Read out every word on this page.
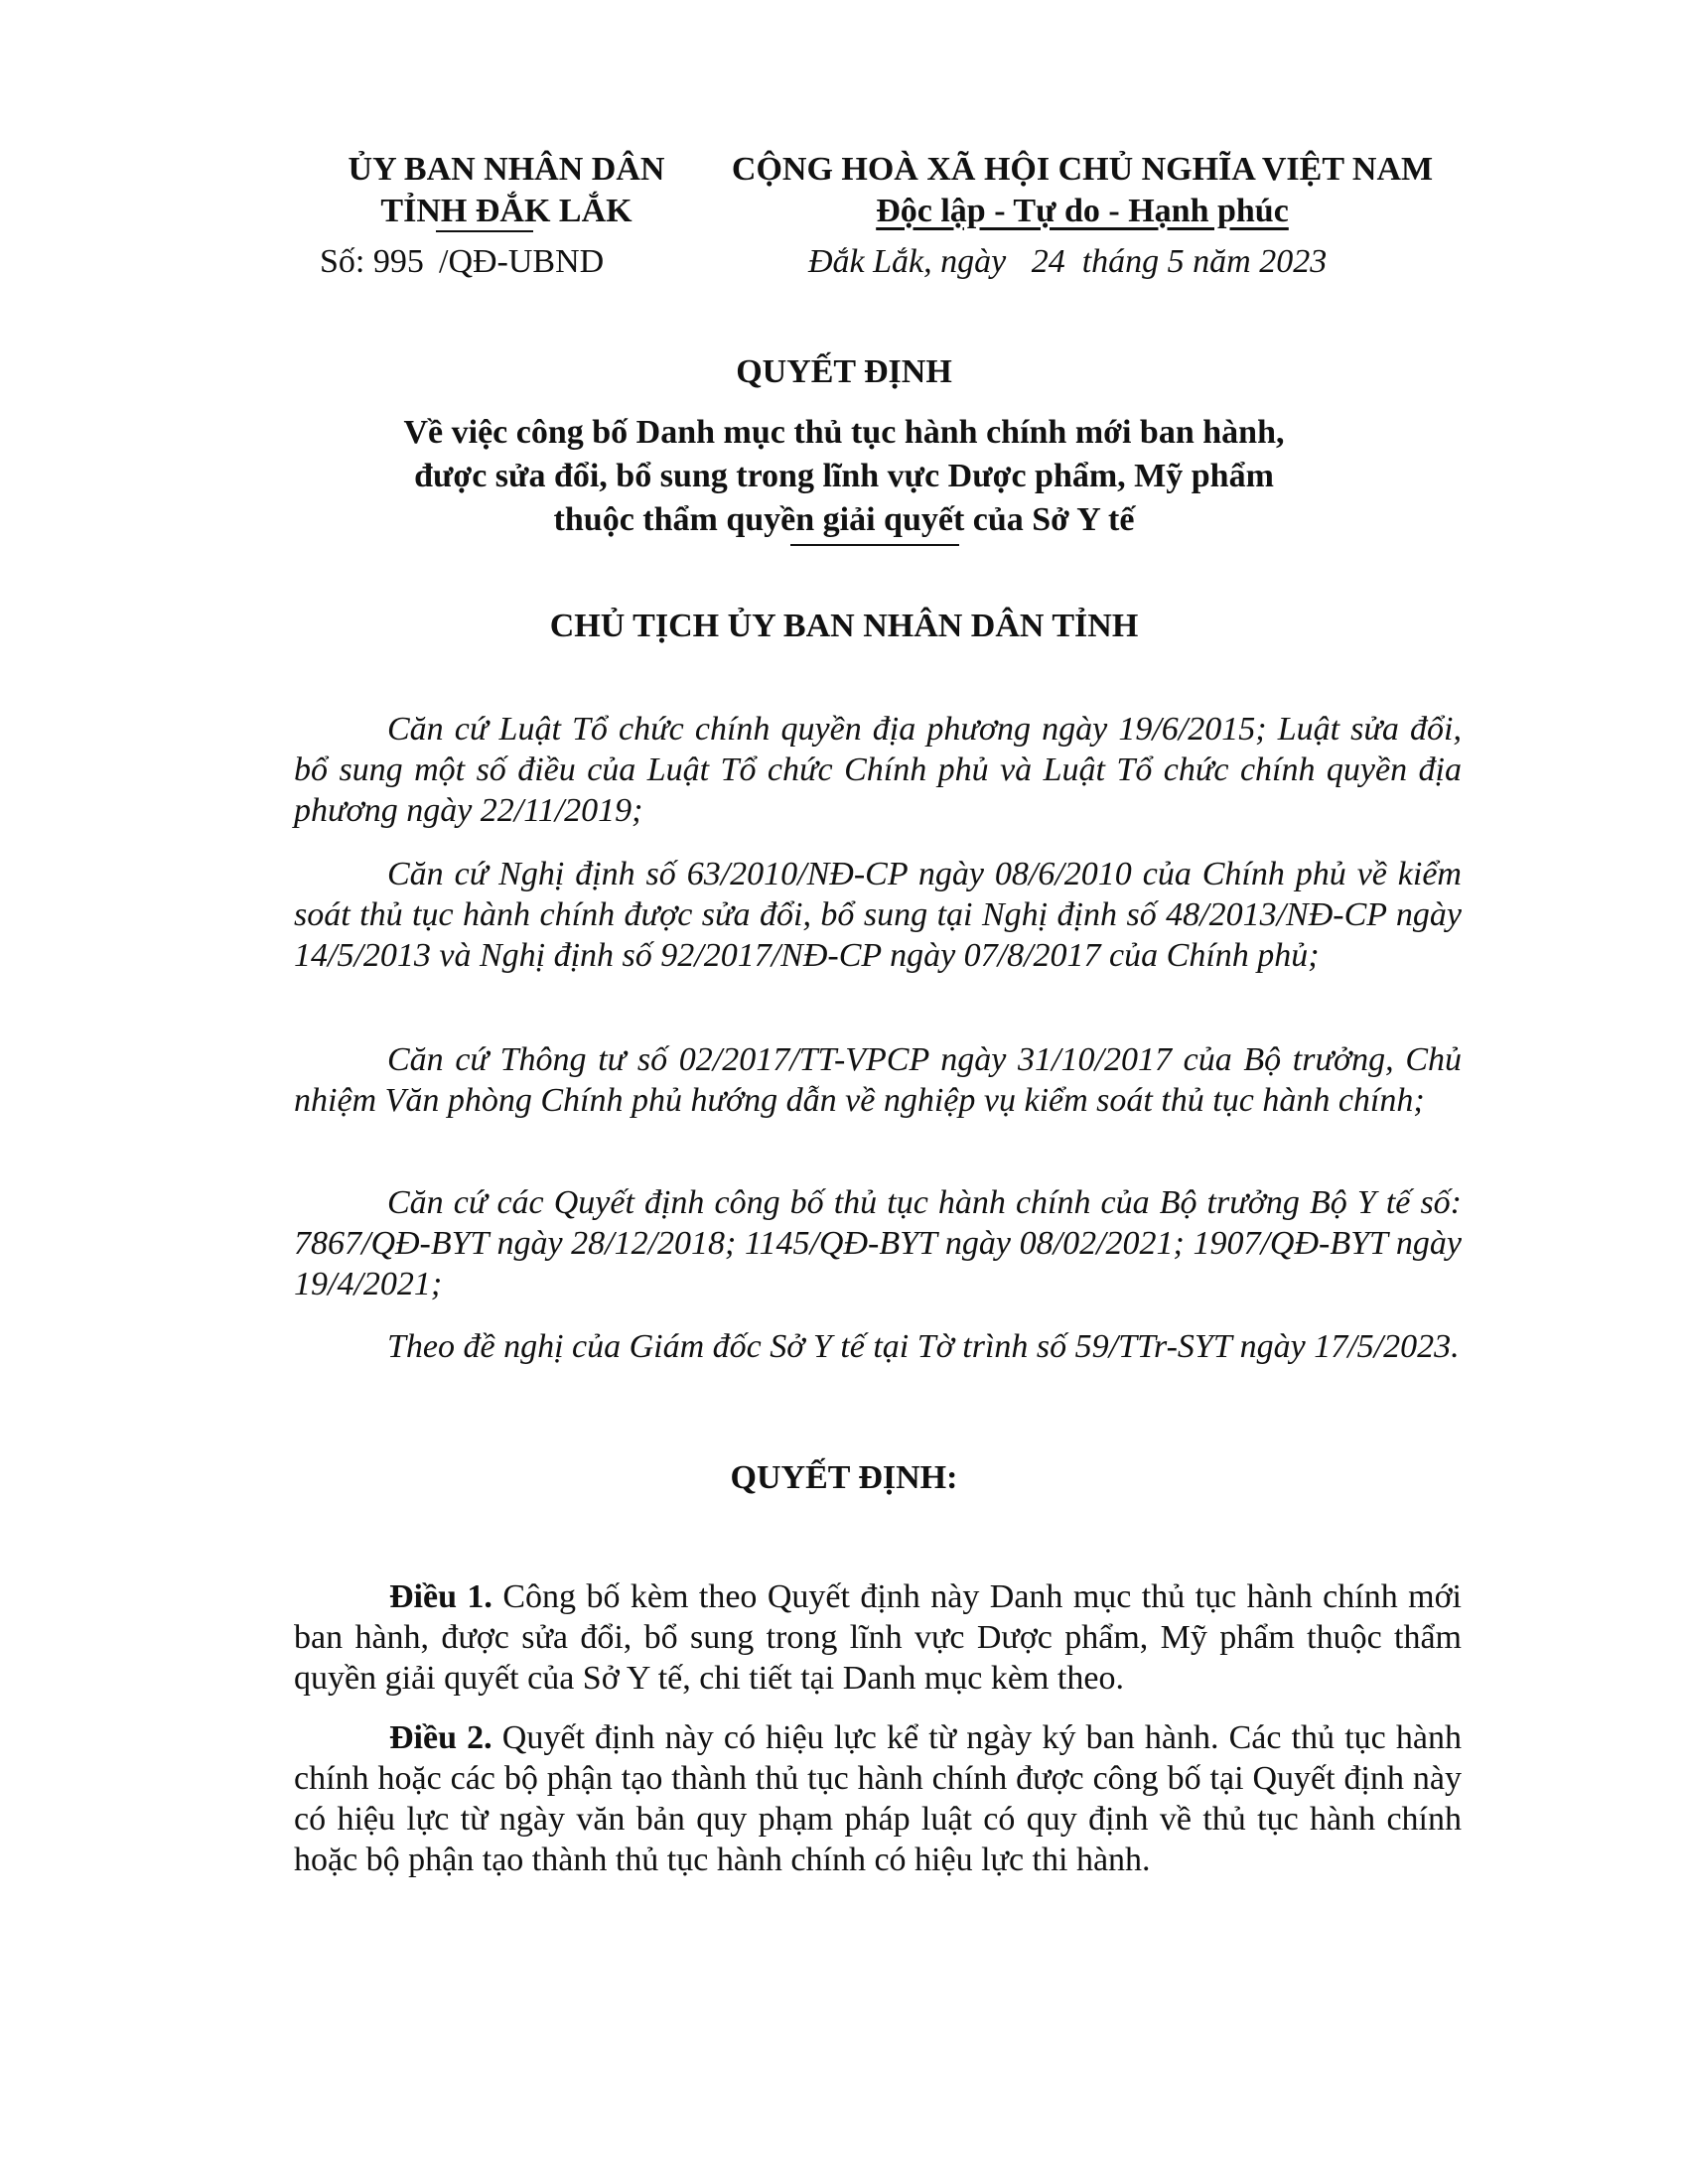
ỦY BAN NHÂN DÂN
TỈNH ĐẮK LẮK
CỘNG HOÀ XÃ HỘI CHỦ NGHĨA VIỆT NAM
Độc lập - Tự do - Hạnh phúc
Số: 995 /QĐ-UBND	Đắk Lắk, ngày   24  tháng 5 năm 2023
QUYẾT ĐỊNH
Về việc công bố Danh mục thủ tục hành chính mới ban hành,
được sửa đổi, bổ sung trong lĩnh vực Dược phẩm, Mỹ phẩm
thuộc thẩm quyền giải quyết của Sở Y tế
CHỦ TỊCH ỦY BAN NHÂN DÂN TỈNH
Căn cứ Luật Tổ chức chính quyền địa phương ngày 19/6/2015; Luật sửa đổi, bổ sung một số điều của Luật Tổ chức Chính phủ và Luật Tổ chức chính quyền địa phương ngày 22/11/2019;
Căn cứ Nghị định số 63/2010/NĐ-CP ngày 08/6/2010 của Chính phủ về kiểm soát thủ tục hành chính được sửa đổi, bổ sung tại Nghị định số 48/2013/NĐ-CP ngày 14/5/2013 và Nghị định số 92/2017/NĐ-CP ngày 07/8/2017 của Chính phủ;
Căn cứ Thông tư số 02/2017/TT-VPCP ngày 31/10/2017 của Bộ trưởng, Chủ nhiệm Văn phòng Chính phủ hướng dẫn về nghiệp vụ kiểm soát thủ tục hành chính;
Căn cứ các Quyết định công bố thủ tục hành chính của Bộ trưởng Bộ Y tế số: 7867/QĐ-BYT ngày 28/12/2018; 1145/QĐ-BYT ngày 08/02/2021; 1907/QĐ-BYT ngày 19/4/2021;
Theo đề nghị của Giám đốc Sở Y tế tại Tờ trình số 59/TTr-SYT ngày 17/5/2023.
QUYẾT ĐỊNH:
Điều 1. Công bố kèm theo Quyết định này Danh mục thủ tục hành chính mới ban hành, được sửa đổi, bổ sung trong lĩnh vực Dược phẩm, Mỹ phẩm thuộc thẩm quyền giải quyết của Sở Y tế, chi tiết tại Danh mục kèm theo.
Điều 2. Quyết định này có hiệu lực kể từ ngày ký ban hành. Các thủ tục hành chính hoặc các bộ phận tạo thành thủ tục hành chính được công bố tại Quyết định này có hiệu lực từ ngày văn bản quy phạm pháp luật có quy định về thủ tục hành chính hoặc bộ phận tạo thành thủ tục hành chính có hiệu lực thi hành.
